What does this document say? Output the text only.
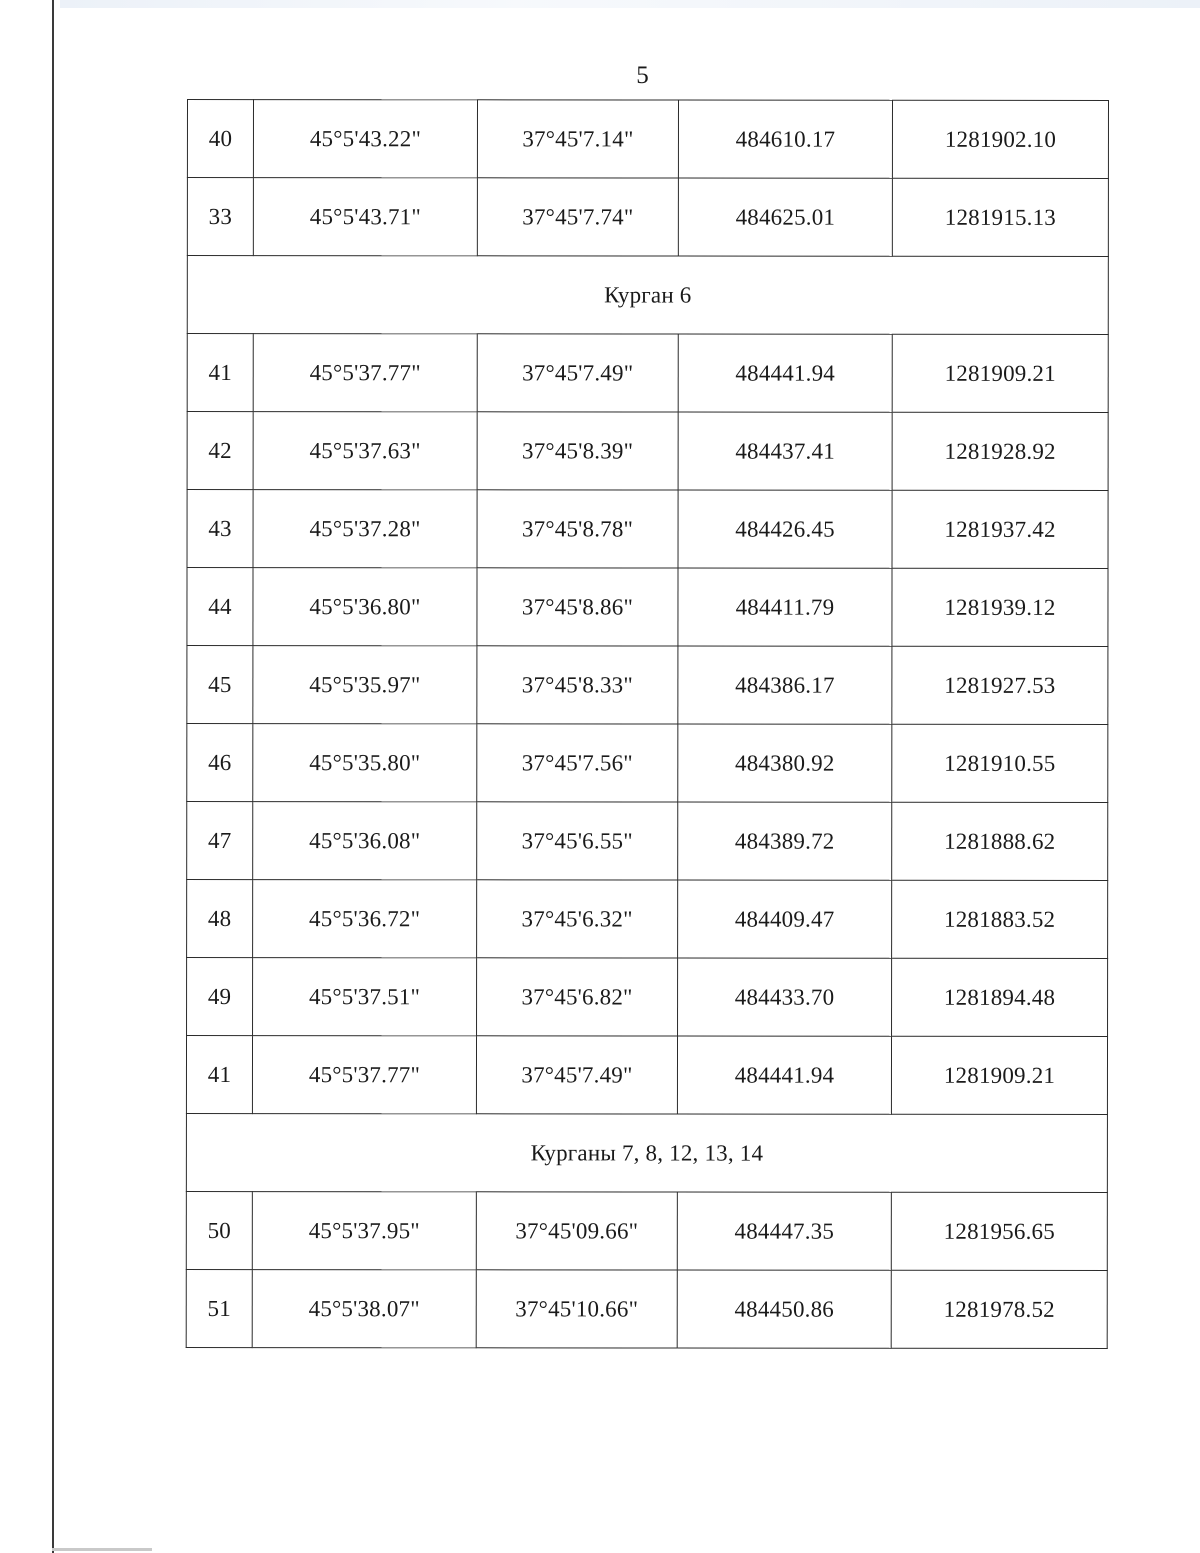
5
40	45°5'43.22"	37°45'7.14"	484610.17	1281902.10
33	45°5'43.71"	37°45'7.74"	484625.01	1281915.13
Курган 6				
41	45°5'37.77"	37°45'7.49"	484441.94	1281909.21
42	45°5'37.63"	37°45'8.39"	484437.41	1281928.92
43	45°5'37.28"	37°45'8.78"	484426.45	1281937.42
44	45°5'36.80"	37°45'8.86"	484411.79	1281939.12
45	45°5'35.97"	37°45'8.33"	484386.17	1281927.53
46	45°5'35.80"	37°45'7.56"	484380.92	1281910.55
47	45°5'36.08"	37°45'6.55"	484389.72	1281888.62
48	45°5'36.72"	37°45'6.32"	484409.47	1281883.52
49	45°5'37.51"	37°45'6.82"	484433.70	1281894.48
41	45°5'37.77"	37°45'7.49"	484441.94	1281909.21
Курганы 7, 8, 12, 13, 14				
50	45°5'37.95"	37°45'09.66"	484447.35	1281956.65
51	45°5'38.07"	37°45'10.66"	484450.86	1281978.52
